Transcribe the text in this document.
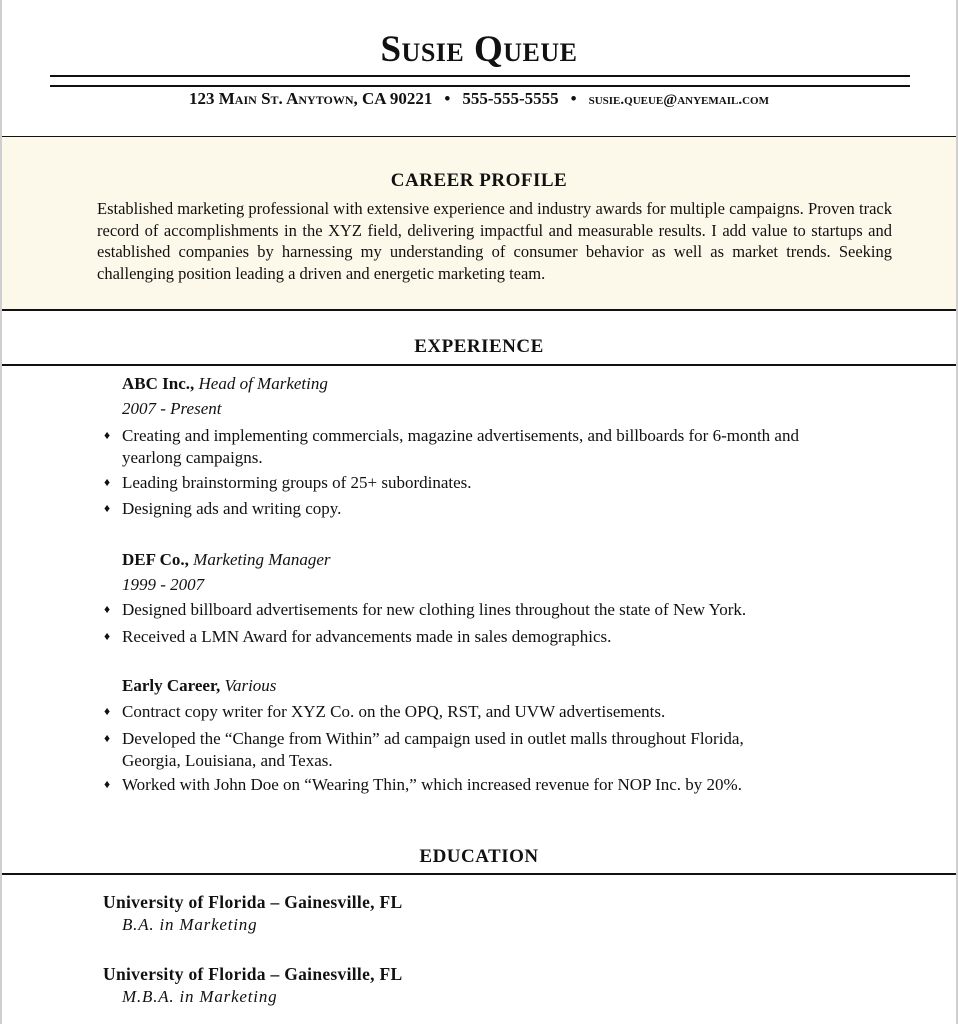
Susie Queue
123 Main St. Anytown, CA 90221 • 555-555-5555 • susie.queue@anyemail.com
CAREER PROFILE
Established marketing professional with extensive experience and industry awards for multiple campaigns. Proven track record of accomplishments in the XYZ field, delivering impactful and measurable results. I add value to startups and established companies by harnessing my understanding of consumer behavior as well as market trends. Seeking challenging position leading a driven and energetic marketing team.
EXPERIENCE
ABC Inc., Head of Marketing
2007 - Present
♦ Creating and implementing commercials, magazine advertisements, and billboards for 6-month and yearlong campaigns.
♦ Leading brainstorming groups of 25+ subordinates.
♦ Designing ads and writing copy.
DEF Co., Marketing Manager
1999 - 2007
♦ Designed billboard advertisements for new clothing lines throughout the state of New York.
♦ Received a LMN Award for advancements made in sales demographics.
Early Career, Various
♦ Contract copy writer for XYZ Co. on the OPQ, RST, and UVW advertisements.
♦ Developed the “Change from Within” ad campaign used in outlet malls throughout Florida, Georgia, Louisiana, and Texas.
♦ Worked with John Doe on “Wearing Thin,” which increased revenue for NOP Inc. by 20%.
EDUCATION
University of Florida – Gainesville, FL
B.A. in Marketing
University of Florida – Gainesville, FL
M.B.A. in Marketing
